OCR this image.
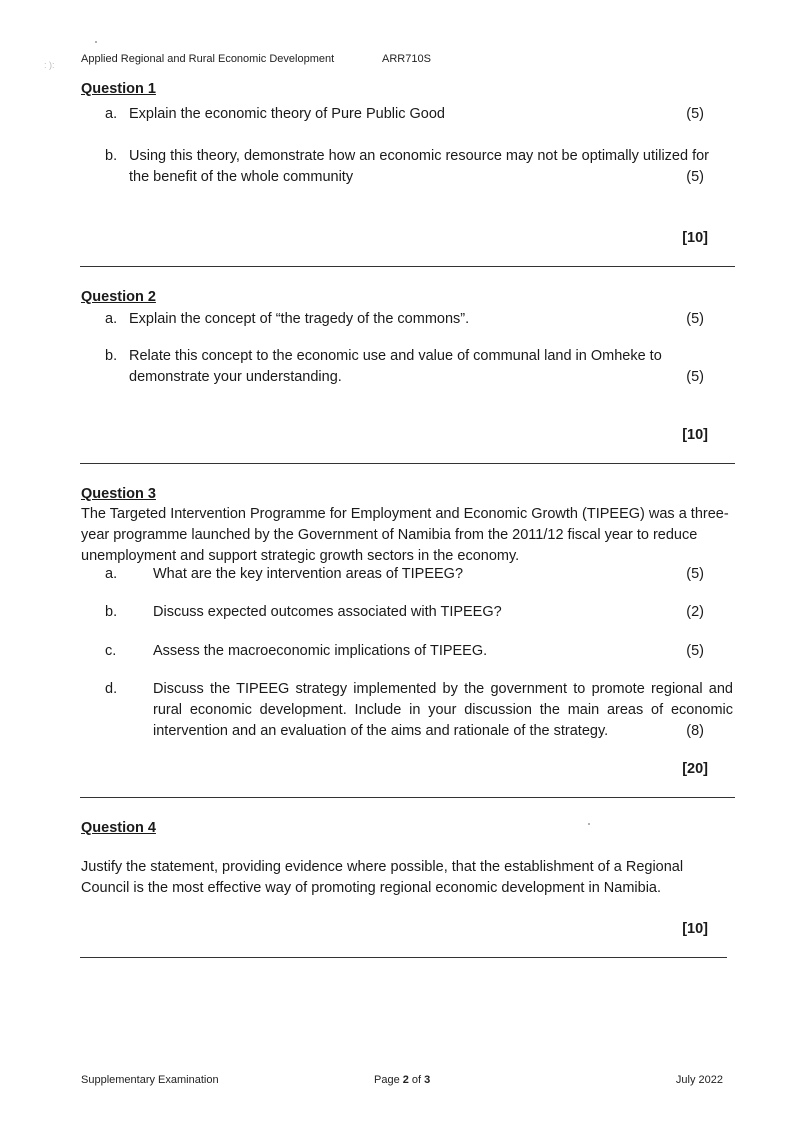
: ): Applied Regional and Rural Economic Development	ARR710S
Question 1
a. Explain the economic theory of Pure Public Good	(5)
b. Using this theory, demonstrate how an economic resource may not be optimally utilized for
the benefit of the whole community	(5)
[10]
Question 2
a. Explain the concept of “the tragedy of the commons”.	(5)
b. Relate this concept to the economic use and value of communal land in Omheke to
demonstrate your understanding.	(5)
[10]
Question 3
The Targeted Intervention Programme for Employment and Economic Growth (TIPEEG) was a three-year programme launched by the Government of Namibia from the 2011/12 fiscal year to reduce unemployment and support strategic growth sectors in the economy.
a. What are the key intervention areas of TIPEEG?	(5)
b. Discuss expected outcomes associated with TIPEEG?	(2)
c.	Assess the macroeconomic implications of TIPEEG.	(5)
d. Discuss the TIPEEG strategy implemented by the government to promote regional and rural economic development. Include in your discussion the main areas of economic intervention and an evaluation of the aims and rationale of the strategy.	(8)
[20]
Question 4
Justify the statement, providing evidence where possible, that the establishment of a Regional Council is the most effective way of promoting regional economic development in Namibia.
[10]
Supplementary Examination	Page 2 of 3	July 2022
